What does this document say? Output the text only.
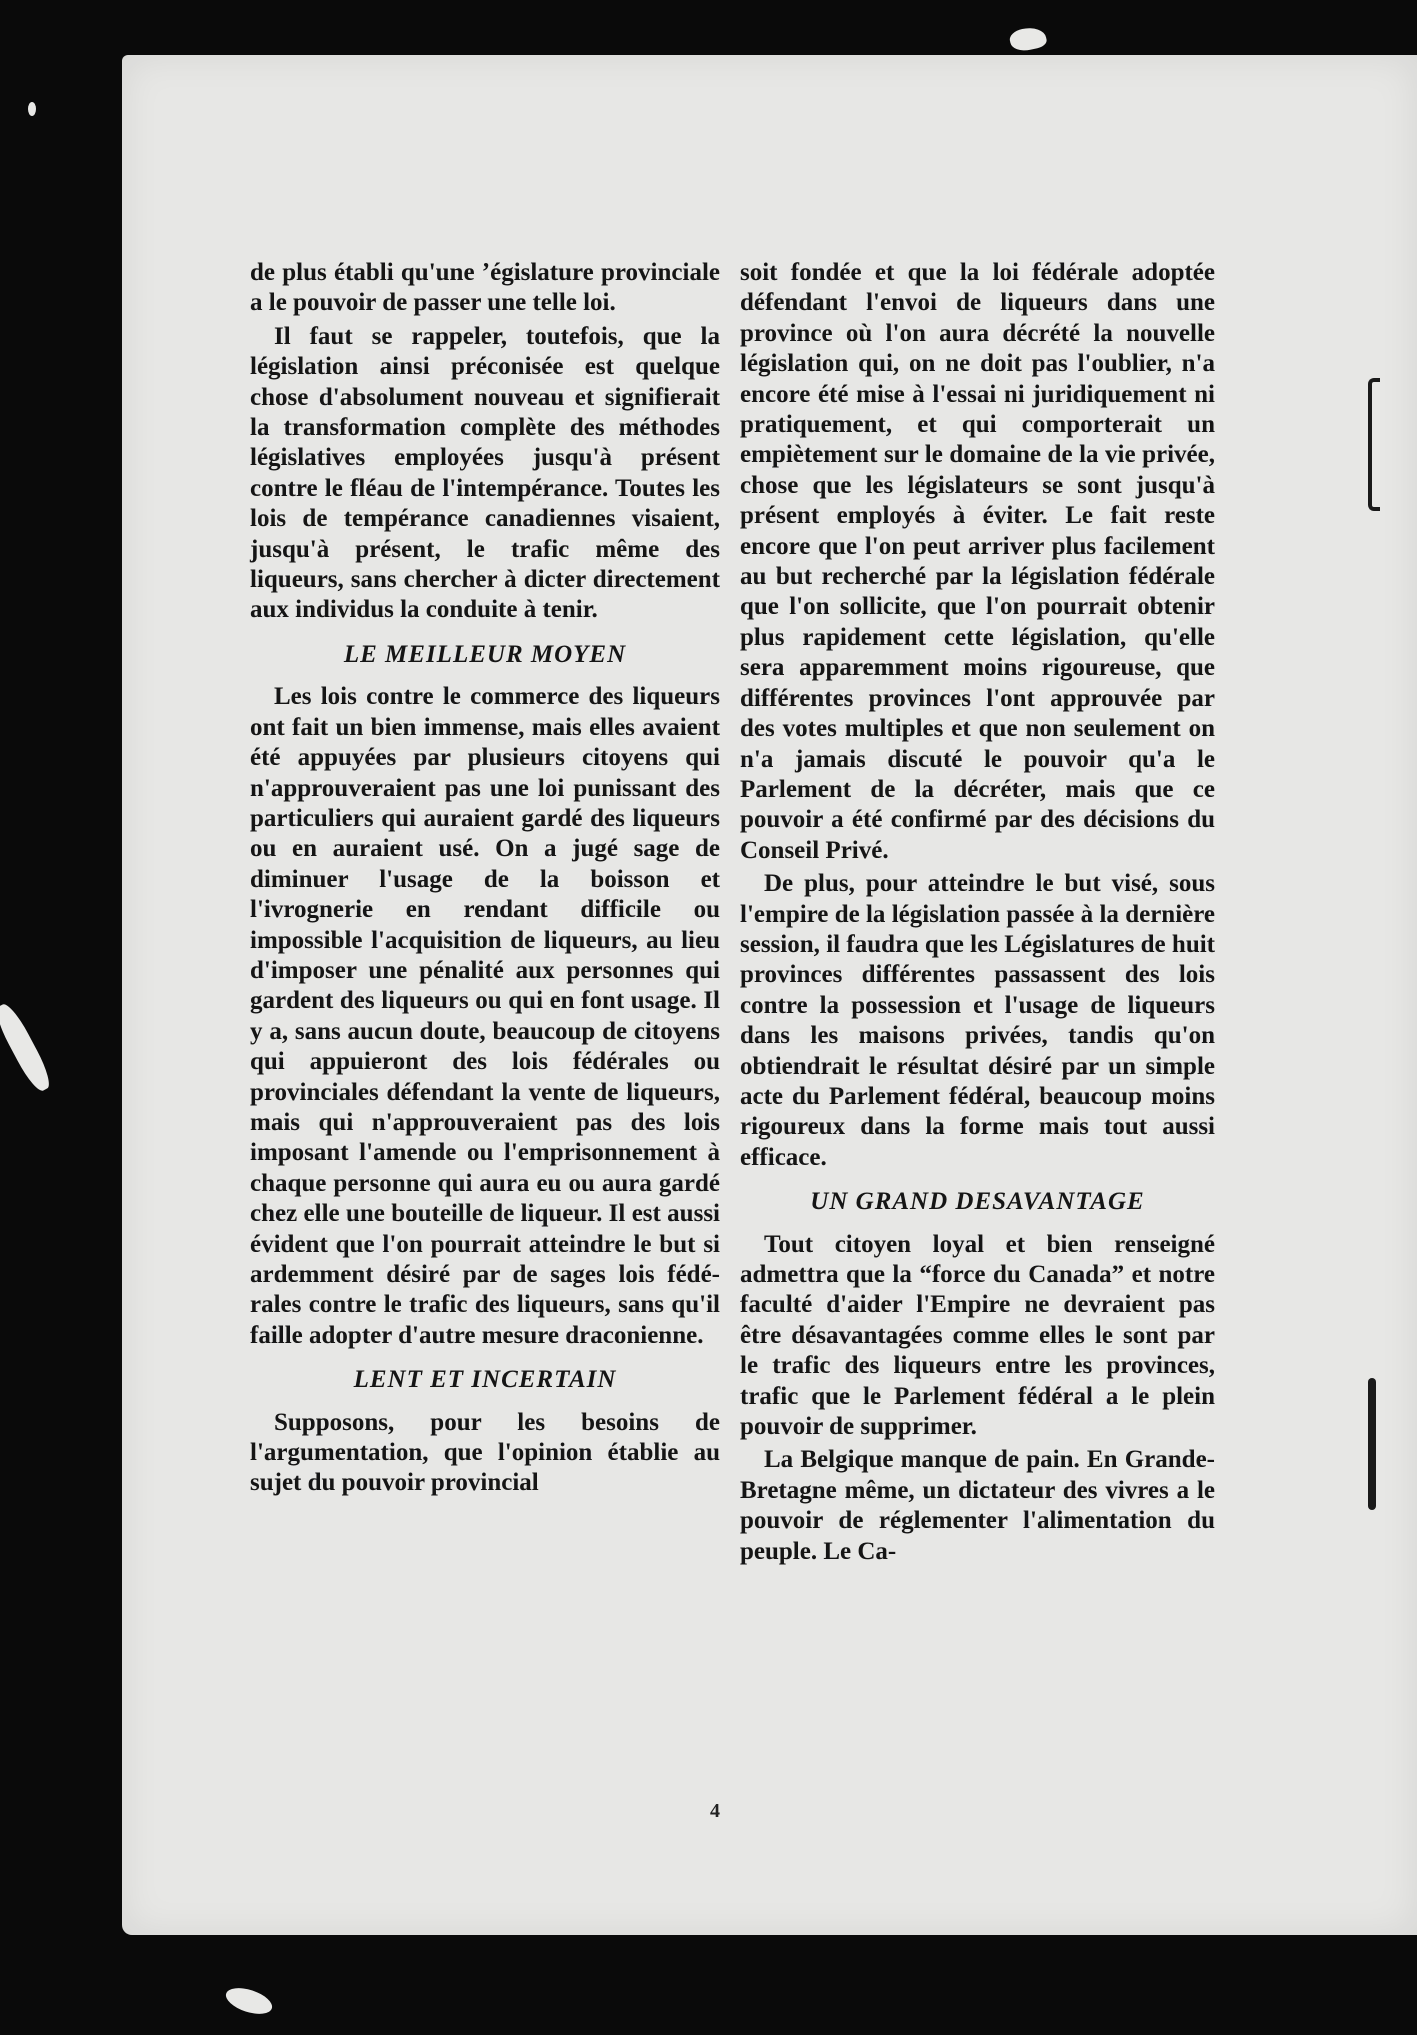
de plus établi qu'une ʼégislature provinciale a le pouvoir de passer une telle loi.

Il faut se rappeler, toutefois, que la législation ainsi préconisée est quelque chose d'absolument nouveau et signifierait la transformation complète des méthodes législatives employées jusqu'à présent contre le fléau de l'intempérance. Toutes les lois de tempérance canadiennes visaient, jusqu'à présent, le trafic même des liqueurs, sans chercher à dicter directement aux individus la conduite à tenir.

LE MEILLEUR MOYEN

Les lois contre le commerce des liqueurs ont fait un bien immense, mais elles avaient été appuyées par plusieurs citoyens qui n'approuveraient pas une loi punissant des particuliers qui auraient gardé des liqueurs ou en auraient usé. On a jugé sage de diminuer l'usage de la boisson et l'ivrognerie en rendant difficile ou impossible l'acquisition de liqueurs, au lieu d'imposer une pénalité aux personnes qui gardent des liqueurs ou qui en font usage. Il y a, sans aucun doute, beaucoup de citoyens qui appuieront des lois fédérales ou provinciales défendant la vente de liqueurs, mais qui n'approuveraient pas des lois imposant l'amende ou l'emprisonnement à chaque personne qui aura eu ou aura gardé chez elle une bouteille de liqueur. Il est aussi évident que l'on pourrait atteindre le but si ardemment désiré par de sages lois fédérales contre le trafic des liqueurs, sans qu'il faille adopter d'autre mesure draconienne.

LENT ET INCERTAIN

Supposons, pour les besoins de l'argumentation, que l'opinion établie au sujet du pouvoir provincial

soit fondée et que la loi fédérale adoptée défendant l'envoi de liqueurs dans une province où l'on aura décrété la nouvelle législation qui, on ne doit pas l'oublier, n'a encore été mise à l'essai ni juridiquement ni pratiquement, et qui comporterait un empiètement sur le domaine de la vie privée, chose que les législateurs se sont jusqu'à présent employés à éviter. Le fait reste encore que l'on peut arriver plus facilement au but recherché par la législation fédérale que l'on sollicite, que l'on pourrait obtenir plus rapidement cette législation, qu'elle sera apparemment moins rigoureuse, que différentes provinces l'ont approuvée par des votes multiples et que non seulement on n'a jamais discuté le pouvoir qu'a le Parlement de la décréter, mais que ce pouvoir a été confirmé par des décisions du Conseil Privé.

De plus, pour atteindre le but visé, sous l'empire de la législation passée à la dernière session, il faudra que les Législatures de huit provinces différentes passassent des lois contre la possession et l'usage de liqueurs dans les maisons privées, tandis qu'on obtiendrait le résultat désiré par un simple acte du Parlement fédéral, beaucoup moins rigoureux dans la forme mais tout aussi efficace.

UN GRAND DESAVANTAGE

Tout citoyen loyal et bien renseigné admettra que la “force du Canada” et notre faculté d'aider l'Empire ne devraient pas être désavantagées comme elles le sont par le trafic des liqueurs entre les provinces, trafic que le Parlement fédéral a le plein pouvoir de supprimer.

La Belgique manque de pain. En Grande-Bretagne même, un dictateur des vivres a le pouvoir de réglementer l'alimentation du peuple. Le Ca-

4
